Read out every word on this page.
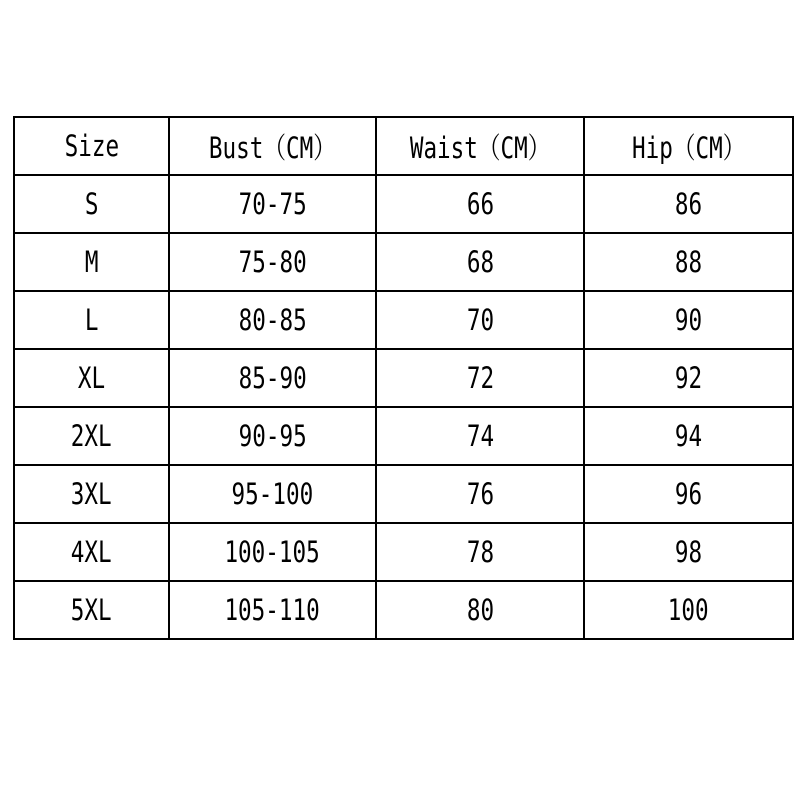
Size	Bust（CM）	Waist（CM）	Hip（CM）
S	70-75	66	86
M	75-80	68	88
L	80-85	70	90
XL	85-90	72	92
2XL	90-95	74	94
3XL	95-100	76	96
4XL	100-105	78	98
5XL	105-110	80	100
